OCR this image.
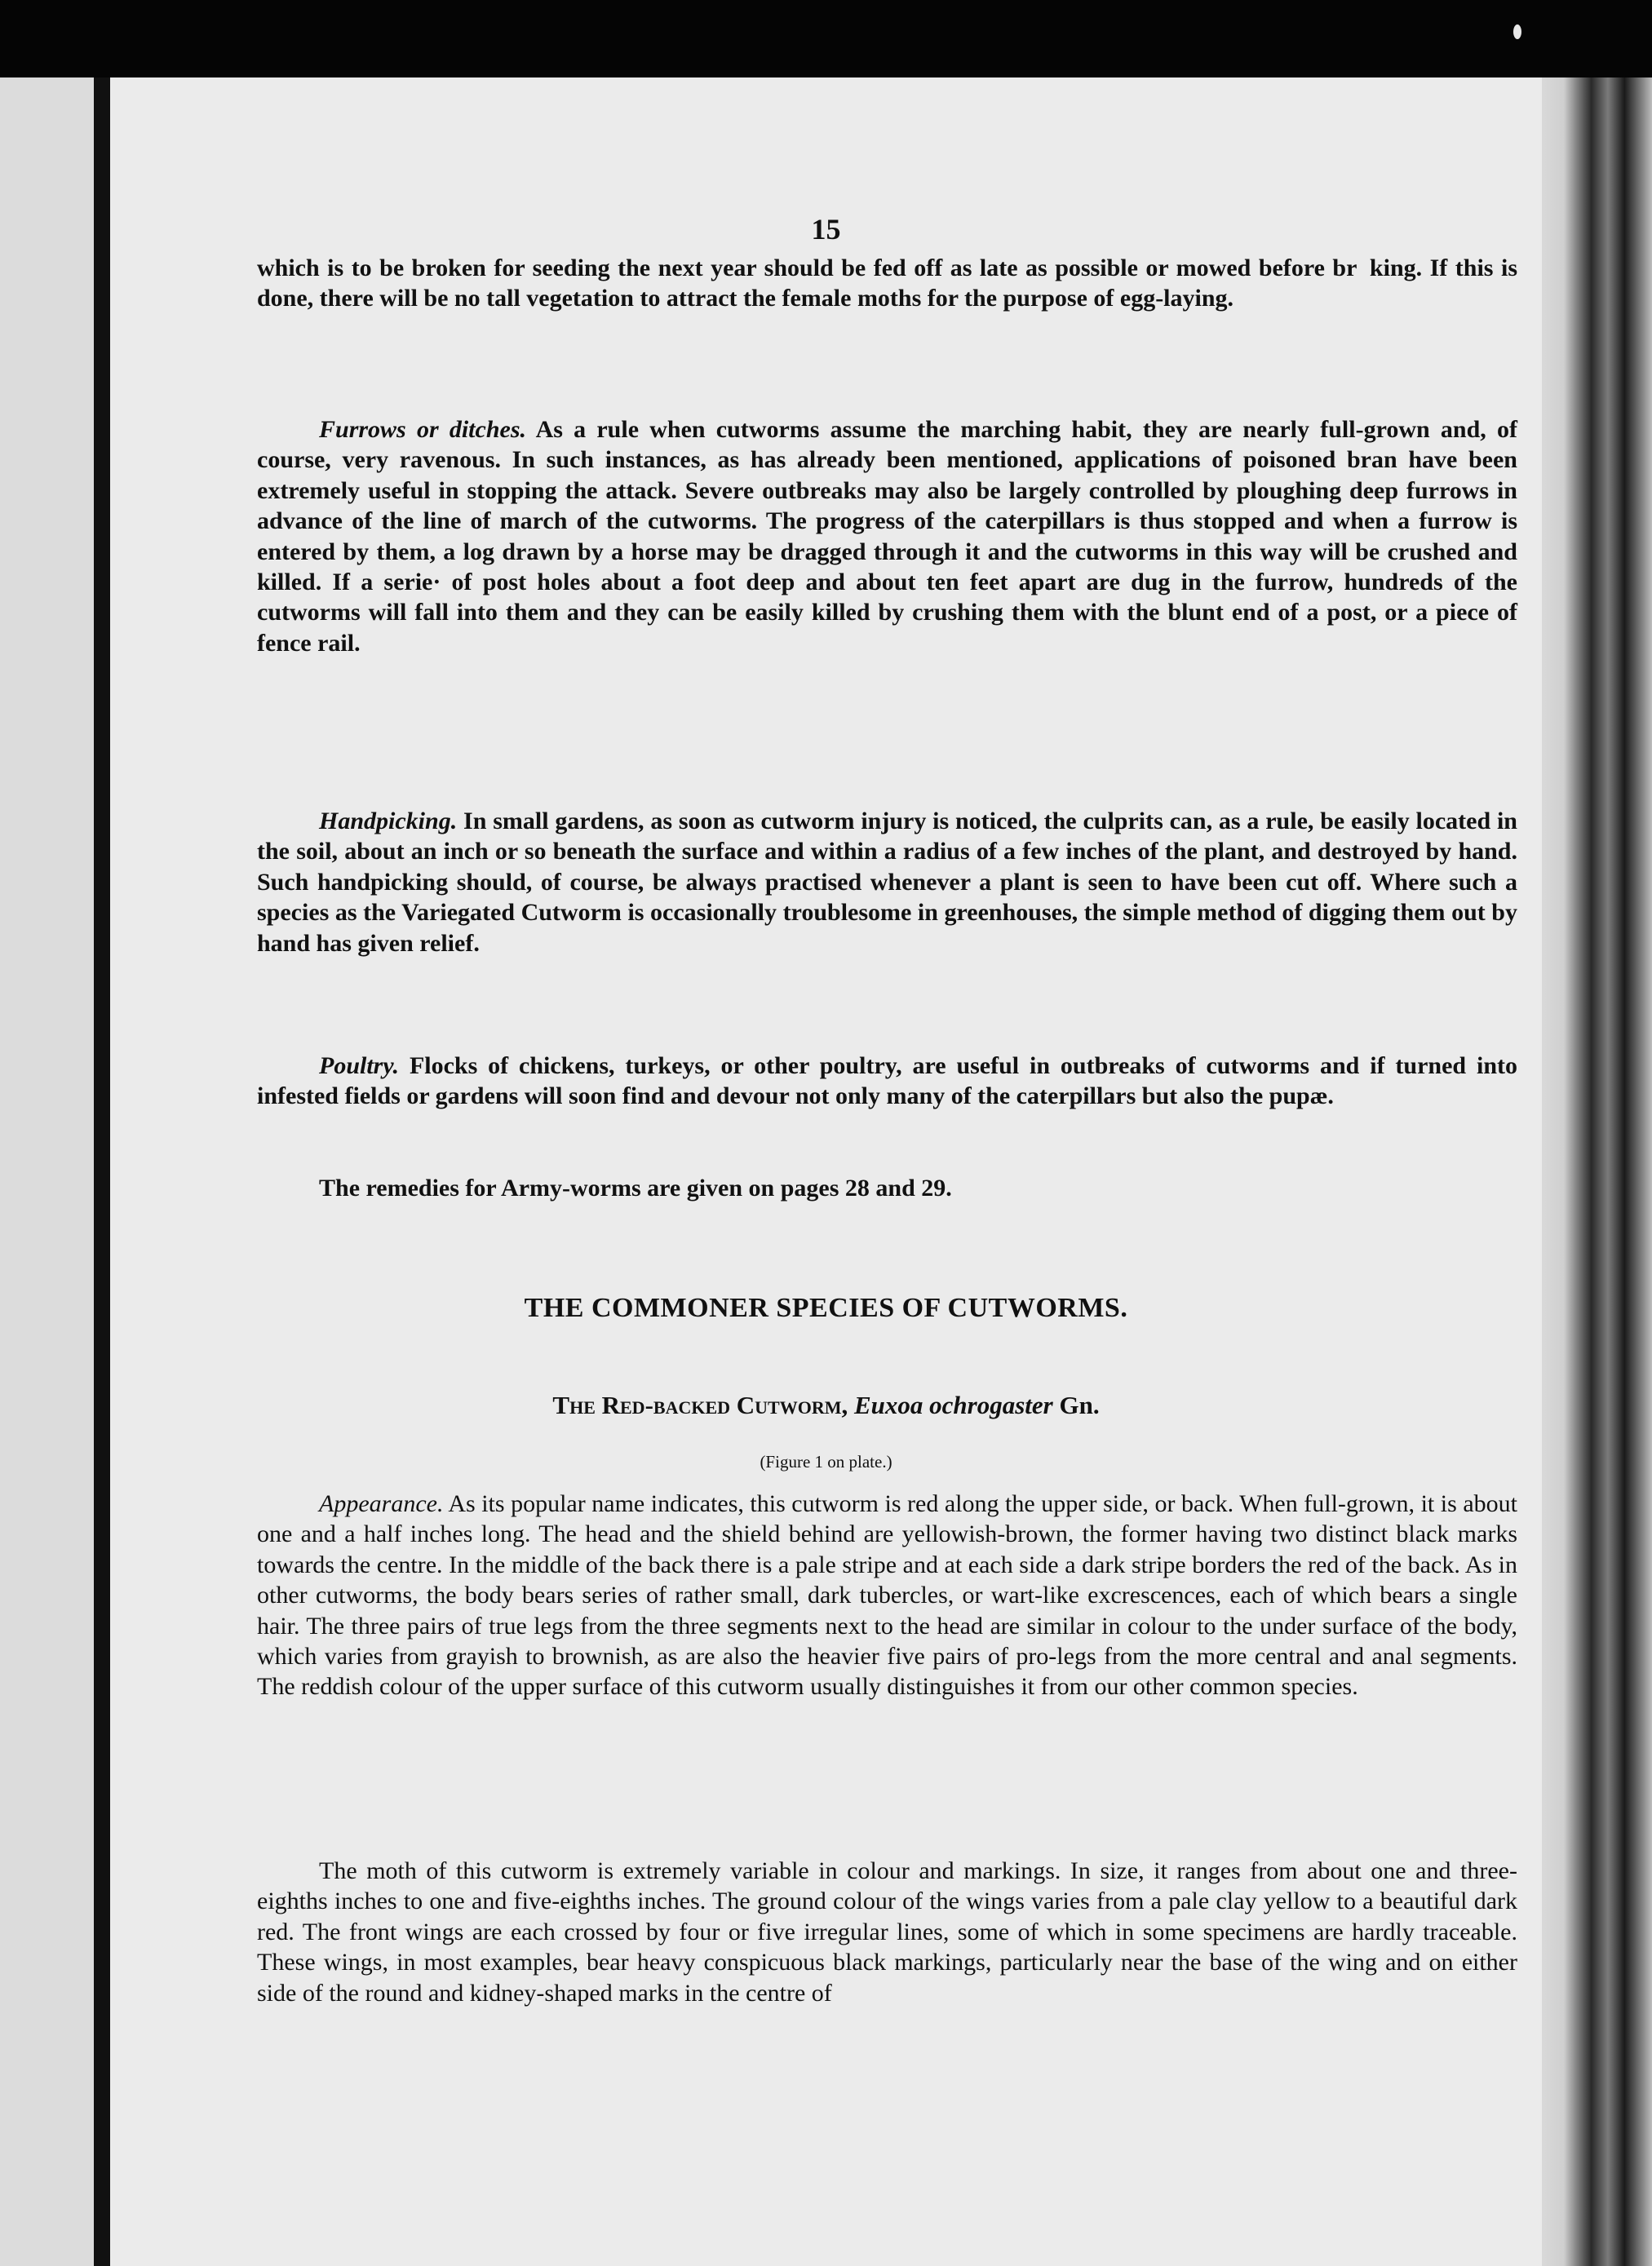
15

which is to be broken for seeding the next year should be fed off as late as possible or mowed before br  king. If this is done, there will be no tall vegetation to attract the female moths for the purpose of egg-laying.

Furrows or ditches. As a rule when cutworms assume the marching habit, they are nearly full-grown and, of course, very ravenous. In such instances, as has already been mentioned, applications of poisoned bran have been extremely useful in stopping the attack. Severe outbreaks may also be largely controlled by ploughing deep furrows in advance of the line of march of the cutworms. The progress of the caterpillars is thus stopped and when a furrow is entered by them, a log drawn by a horse may be dragged through it and the cutworms in this way will be crushed and killed. If a serie· of post holes about a foot deep and about ten feet apart are dug in the furrow, hundreds of the cutworms will fall into them and they can be easily killed by crushing them with the blunt end of a post, or a piece of fence rail.

Handpicking. In small gardens, as soon as cutworm injury is noticed, the culprits can, as a rule, be easily located in the soil, about an inch or so beneath the surface and within a radius of a few inches of the plant, and destroyed by hand. Such handpicking should, of course, be always practised whenever a plant is seen to have been cut off. Where such a species as the Variegated Cutworm is occasionally troublesome in greenhouses, the simple method of digging them out by hand has given relief.

Poultry. Flocks of chickens, turkeys, or other poultry, are useful in outbreaks of cutworms and if turned into infested fields or gardens will soon find and devour not only many of the caterpillars but also the pupæ.

The remedies for Army-worms are given on pages 28 and 29.

THE COMMONER SPECIES OF CUTWORMS.
The Red-backed Cutworm, Euxoa ochrogaster Gn.
(Figure 1 on plate.)

Appearance. As its popular name indicates, this cutworm is red along the upper side, or back. When full-grown, it is about one and a half inches long. The head and the shield behind are yellowish-brown, the former having two distinct black marks towards the centre. In the middle of the back there is a pale stripe and at each side a dark stripe borders the red of the back. As in other cutworms, the body bears series of rather small, dark tubercles, or wart-like excrescences, each of which bears a single hair. The three pairs of true legs from the three segments next to the head are similar in colour to the under surface of the body, which varies from grayish to brownish, as are also the heavier five pairs of pro-legs from the more central and anal segments. The reddish colour of the upper surface of this cutworm usually distinguishes it from our other common species.

The moth of this cutworm is extremely variable in colour and markings. In size, it ranges from about one and three-eighths inches to one and five-eighths inches. The ground colour of the wings varies from a pale clay yellow to a beautiful dark red. The front wings are each crossed by four or five irregular lines, some of which in some specimens are hardly traceable. These wings, in most examples, bear heavy conspicuous black markings, particularly near the base of the wing and on either side of the round and kidney-shaped marks in the centre of
